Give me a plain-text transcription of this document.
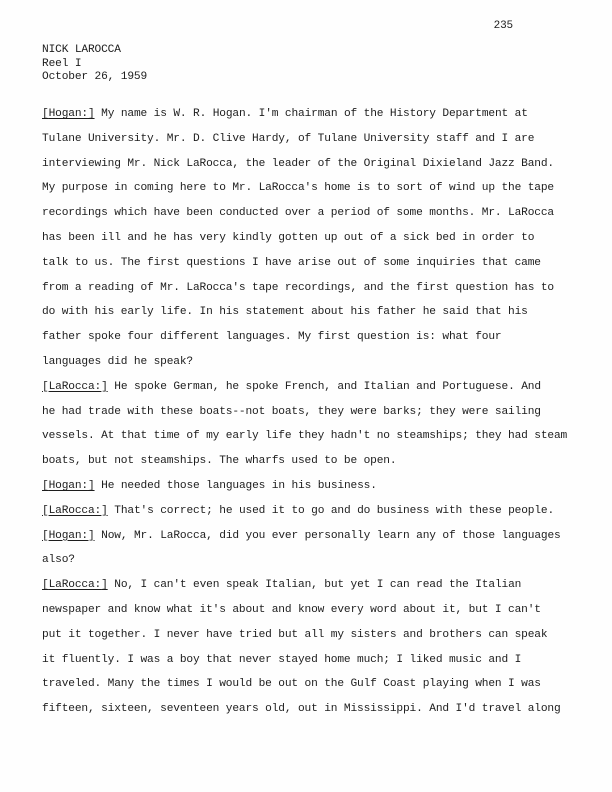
235
NICK LAROCCA
Reel I
October 26, 1959
[ Hogan: ] My name is W. R. Hogan. I'm chairman of the History Department at
Tulane University. Mr. D. Clive Hardy, of Tulane University staff and I are
interviewing Mr. Nick LaRocca, the leader of the Original Dixieland Jazz Band.
My purpose in coming here to Mr. LaRocca's home is to sort of wind up the tape
recordings which have been conducted over a period of some months. Mr. LaRocca
has been ill and he has very kindly gotten up out of a sick bed in order to
talk to us. The first questions I have arise out of some inquiries that came
from a reading of Mr. LaRocca's tape recordings, and the first question has to
do with his early life. In his statement about his father he said that his
father spoke four different languages. My first question is: what four
languages did he speak?
[ LaRocca: ] He spoke German, he spoke French, and Italian and Portuguese. And
he had trade with these boats--not boats, they were barks; they were sailing
vessels. At that time of my early life they hadn't no steamships; they had steam
boats, but not steamships. The wharfs used to be open.
[ Hogan: ] He needed those languages in his business.
[ LaRocca: ] That's correct; he used it to go and do business with these people.
[ Hogan: ] Now, Mr. LaRocca, did you ever personally learn any of those languages
also?
[ LaRocca: ] No, I can't even speak Italian, but yet I can read the Italian
newspaper and know what it's about and know every word about it, but I can't
put it together. I never have tried but all my sisters and brothers can speak
it fluently. I was a boy that never stayed home much; I liked music and I
traveled. Many the times I would be out on the Gulf Coast playing when I was
fifteen, sixteen, seventeen years old, out in Mississippi. And I'd travel along
